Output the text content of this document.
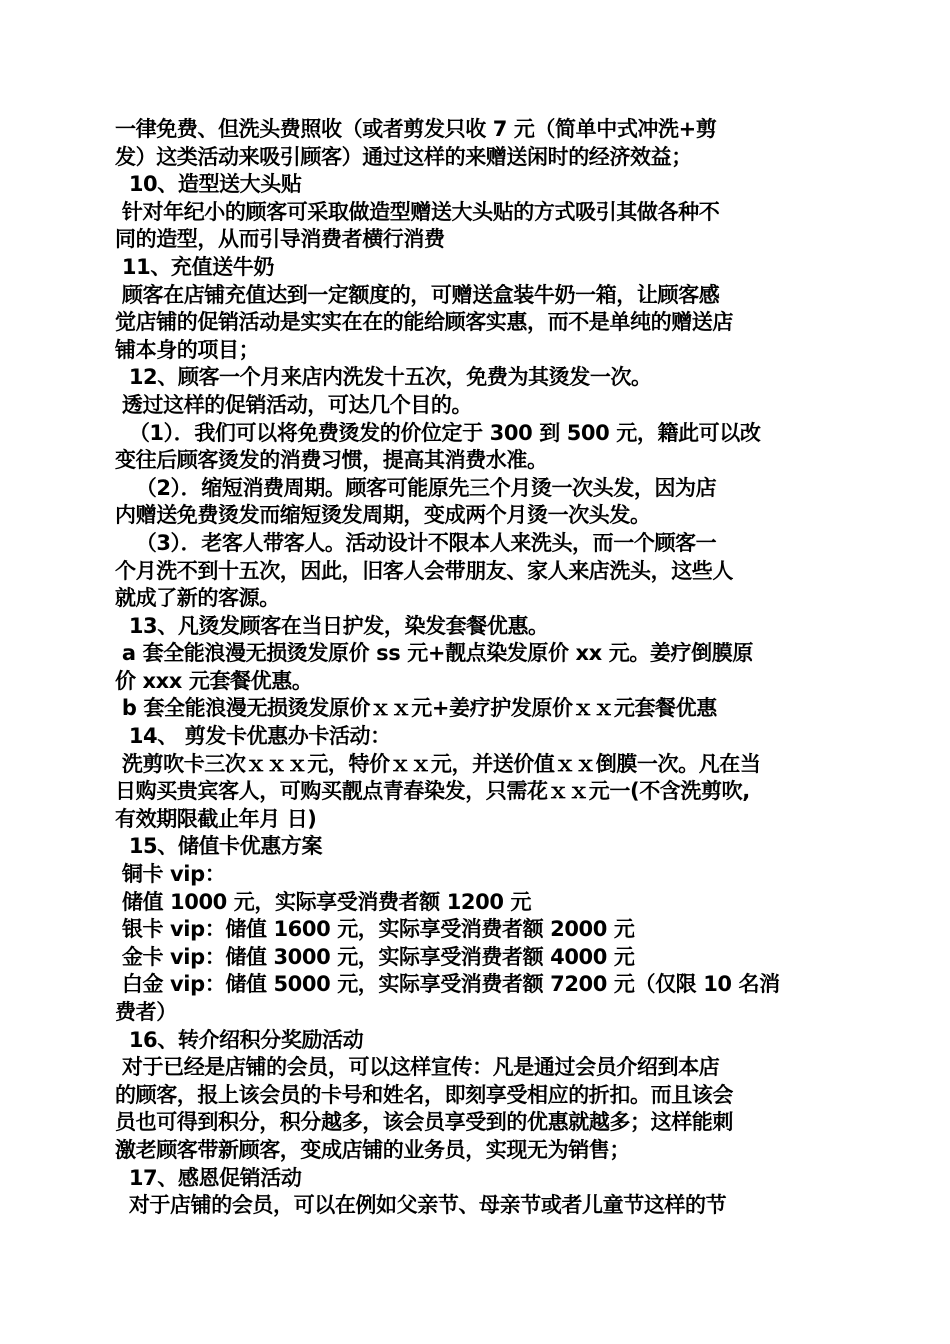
一律免费、但洗头费照收（或者剪发只收 7 元（简单中式冲洗+剪
发）这类活动来吸引顾客）通过这样的来赠送闲时的经济效益；
10、造型送大头贴
针对年纪小的顾客可采取做造型赠送大头贴的方式吸引其做各种不
同的造型，从而引导消费者横行消费
11、充值送牛奶
顾客在店铺充值达到一定额度的，可赠送盒装牛奶一箱，让顾客感
觉店铺的促销活动是实实在在的能给顾客实惠，而不是单纯的赠送店
铺本身的项目；
12、顾客一个月来店内洗发十五次，免费为其烫发一次。
透过这样的促销活动，可达几个目的。
（1）．我们可以将免费烫发的价位定于 300 到 500 元，籍此可以改
变往后顾客烫发的消费习惯，提高其消费水准。
（2）．缩短消费周期。顾客可能原先三个月烫一次头发，因为店
内赠送免费烫发而缩短烫发周期，变成两个月烫一次头发。
（3）．老客人带客人。活动设计不限本人来洗头，而一个顾客一
个月洗不到十五次，因此，旧客人会带朋友、家人来店洗头，这些人
就成了新的客源。
13、凡烫发顾客在当日护发，染发套餐优惠。
a 套全能浪漫无损烫发原价 ss 元+靓点染发原价 xx 元。姜疗倒膜原
价 xxx 元套餐优惠。
b 套全能浪漫无损烫发原价ｘｘ元+姜疗护发原价ｘｘ元套餐优惠
14、 剪发卡优惠办卡活动：
洗剪吹卡三次ｘｘｘ元，特价ｘｘ元，并送价值ｘｘ倒膜一次。凡在当
日购买贵宾客人，可购买靓点青春染发，只需花ｘｘ元一(不含洗剪吹,
有效期限截止年月 日)
15、储值卡优惠方案
铜卡 vip：
储值 1000 元，实际享受消费者额 1200 元
银卡 vip：储值 1600 元，实际享受消费者额 2000 元
金卡 vip：储值 3000 元，实际享受消费者额 4000 元
白金 vip：储值 5000 元，实际享受消费者额 7200 元（仅限 10 名消
费者）
16、转介绍积分奖励活动
对于已经是店铺的会员，可以这样宣传：凡是通过会员介绍到本店
的顾客，报上该会员的卡号和姓名，即刻享受相应的折扣。而且该会
员也可得到积分，积分越多，该会员享受到的优惠就越多；这样能刺
激老顾客带新顾客，变成店铺的业务员，实现无为销售；
17、感恩促销活动
对于店铺的会员，可以在例如父亲节、母亲节或者儿童节这样的节
